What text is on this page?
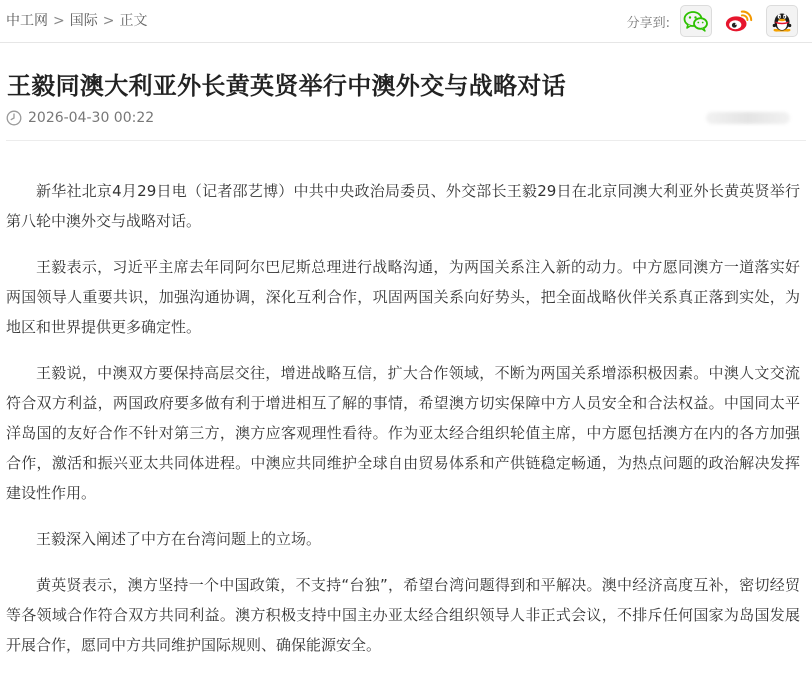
中工网 > 国际 > 正文	分享到:
王毅同澳大利亚外长黄英贤举行中澳外交与战略对话
2026-04-30 00:22

新华社北京4月29日电（记者邵艺博）中共中央政治局委员、外交部长王毅29日在北京同澳大利亚外长黄英贤举行第八轮中澳外交与战略对话。

王毅表示，习近平主席去年同阿尔巴尼斯总理进行战略沟通，为两国关系注入新的动力。中方愿同澳方一道落实好两国领导人重要共识，加强沟通协调，深化互利合作，巩固两国关系向好势头，把全面战略伙伴关系真正落到实处，为地区和世界提供更多确定性。

王毅说，中澳双方要保持高层交往，增进战略互信，扩大合作领域，不断为两国关系增添积极因素。中澳人文交流符合双方利益，两国政府要多做有利于增进相互了解的事情，希望澳方切实保障中方人员安全和合法权益。中国同太平洋岛国的友好合作不针对第三方，澳方应客观理性看待。作为亚太经合组织轮值主席，中方愿包括澳方在内的各方加强合作，激活和振兴亚太共同体进程。中澳应共同维护全球自由贸易体系和产供链稳定畅通，为热点问题的政治解决发挥建设性作用。

王毅深入阐述了中方在台湾问题上的立场。

黄英贤表示，澳方坚持一个中国政策，不支持“台独”，希望台湾问题得到和平解决。澳中经济高度互补，密切经贸等各领域合作符合双方共同利益。澳方积极支持中国主办亚太经合组织领导人非正式会议，不排斥任何国家为岛国发展开展合作，愿同中方共同维护国际规则、确保能源安全。
